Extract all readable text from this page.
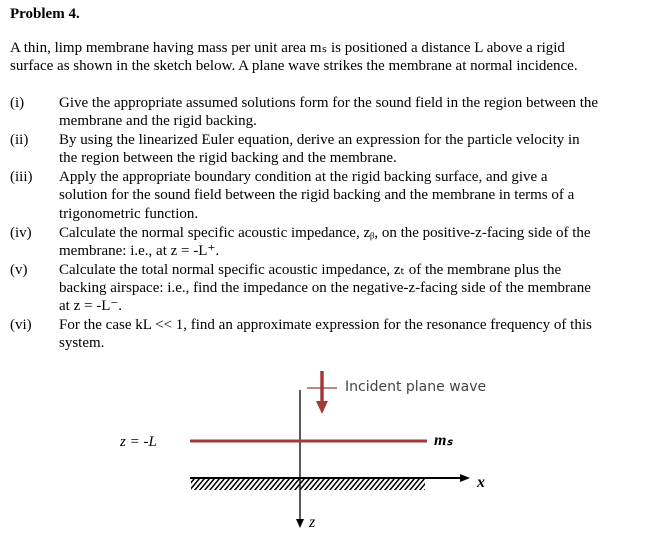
Problem 4.
A thin, limp membrane having mass per unit area mₛ is positioned a distance L above a rigid
surface as shown in the sketch below. A plane wave strikes the membrane at normal incidence.
(i) Give the appropriate assumed solutions form for the sound field in the region between the
membrane and the rigid backing.
(ii) By using the linearized Euler equation, derive an expression for the particle velocity in
the region between the rigid backing and the membrane.
(iii) Apply the appropriate boundary condition at the rigid backing surface, and give a
solution for the sound field between the rigid backing and the membrane in terms of a
trigonometric function.
(iv) Calculate the normal specific acoustic impedance, zᵦ, on the positive-z-facing side of the
membrane: i.e., at z = -L⁺.
(v) Calculate the total normal specific acoustic impedance, zₜ of the membrane plus the
backing airspace: i.e., find the impedance on the negative-z-facing side of the membrane
at z = -L⁻.
(vi) For the case kL << 1, find an approximate expression for the resonance frequency of this
system.
Incident plane wave
mₛ
z = -L
x
z
